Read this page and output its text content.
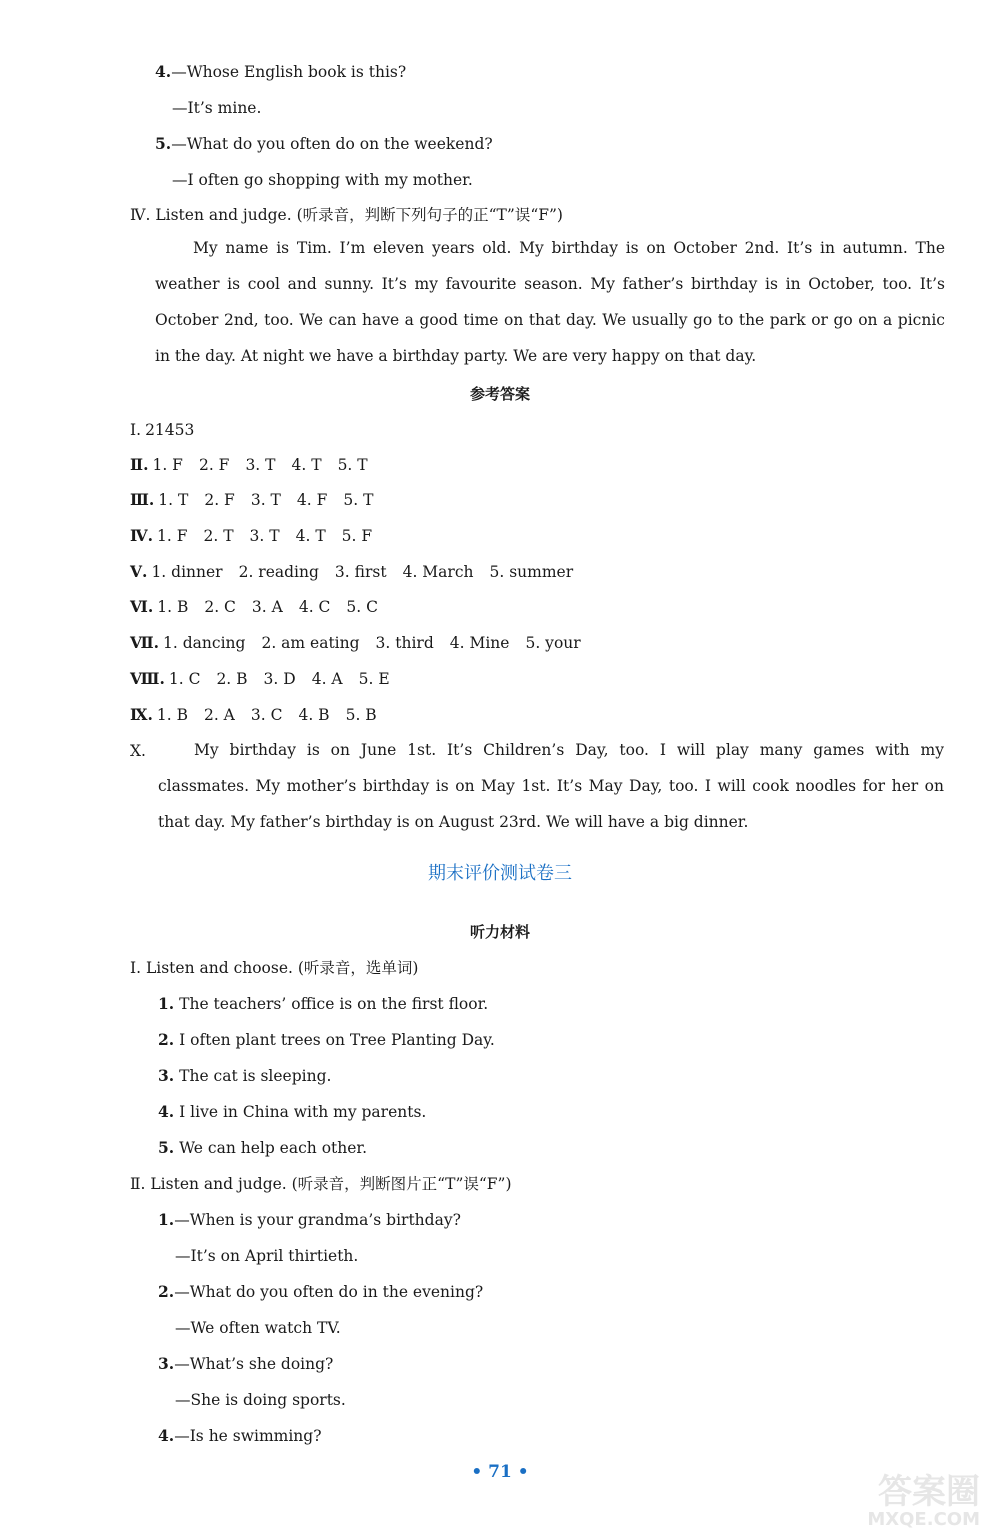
4.—Whose English book is this?
—It’s mine.
5.—What do you often do on the weekend?
—I often go shopping with my mother.
Ⅳ. Listen and judge. (听录音，判断下列句子的正“T”误“F”)
My name is Tim. I’m eleven years old. My birthday is on October 2nd. It’s in autumn. The weather is cool and sunny. It’s my favourite season. My father’s birthday is in October, too. It’s October 2nd, too. We can have a good time on that day. We usually go to the park or go on a picnic in the day. At night we have a birthday party. We are very happy on that day.
参考答案
Ⅰ. 21453
Ⅱ. 1. F 2. F 3. T 4. T 5. T
Ⅲ. 1. T 2. F 3. T 4. F 5. T
Ⅳ. 1. F 2. T 3. T 4. T 5. F
Ⅴ. 1. dinner 2. reading 3. first 4. March 5. summer
Ⅵ. 1. B 2. C 3. A 4. C 5. C
Ⅶ. 1. dancing 2. am eating 3. third 4. Mine 5. your
Ⅷ. 1. C 2. B 3. D 4. A 5. E
Ⅸ. 1. B 2. A 3. C 4. B 5. B
Ⅹ.	My birthday is on June 1st. It’s Children’s Day, too. I will play many games with my classmates. My mother’s birthday is on May 1st. It’s May Day, too. I will cook noodles for her on that day. My father’s birthday is on August 23rd. We will have a big dinner.
期末评价测试卷三
听力材料
Ⅰ. Listen and choose. (听录音，选单词)
1. The teachers’ office is on the first floor.
2. I often plant trees on Tree Planting Day.
3. The cat is sleeping.
4. I live in China with my parents.
5. We can help each other.
Ⅱ. Listen and judge. (听录音，判断图片正“T”误“F”)
1.—When is your grandma’s birthday?
—It’s on April thirtieth.
2.—What do you often do in the evening?
—We often watch TV.
3.—What’s she doing?
—She is doing sports.
4.—Is he swimming?
• 71 •	答案圈
MXQE.COM
